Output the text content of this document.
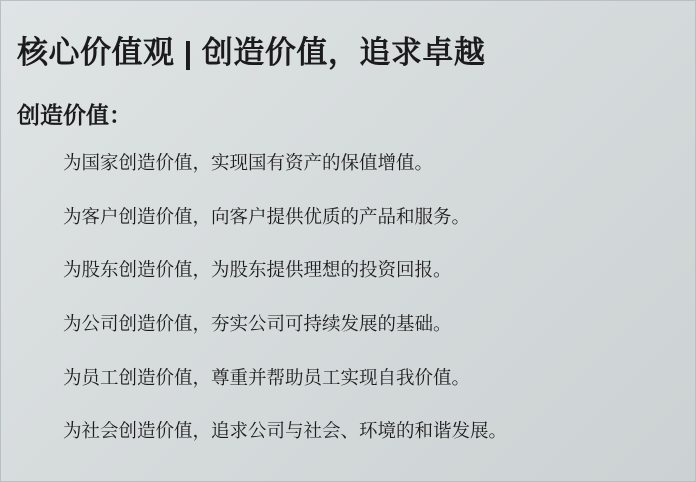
核心价值观 | 创造价值，追求卓越
创造价值：
为国家创造价值，实现国有资产的保值增值。
为客户创造价值，向客户提供优质的产品和服务。
为股东创造价值，为股东提供理想的投资回报。
为公司创造价值，夯实公司可持续发展的基础。
为员工创造价值，尊重并帮助员工实现自我价值。
为社会创造价值，追求公司与社会、环境的和谐发展。
